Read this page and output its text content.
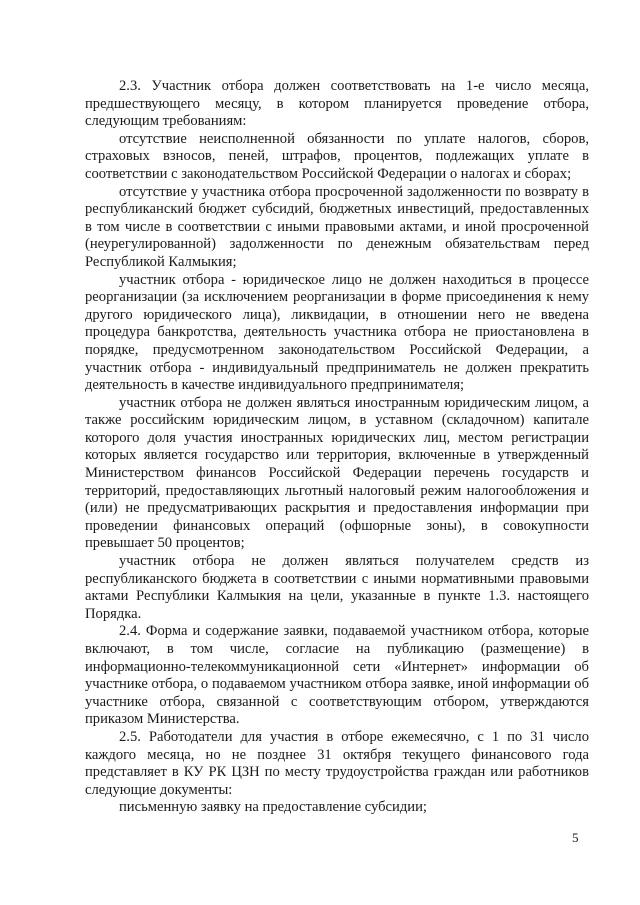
2.3. Участник отбора должен соответствовать на 1-е число месяца, предшествующего месяцу, в котором планируется проведение отбора, следующим требованиям:

отсутствие неисполненной обязанности по уплате налогов, сборов, страховых взносов, пеней, штрафов, процентов, подлежащих уплате в соответствии с законодательством Российской Федерации о налогах и сборах;

отсутствие у участника отбора просроченной задолженности по возврату в республиканский бюджет субсидий, бюджетных инвестиций, предоставленных в том числе в соответствии с иными правовыми актами, и иной просроченной (неурегулированной) задолженности по денежным обязательствам перед Республикой Калмыкия;

участник отбора - юридическое лицо не должен находиться в процессе реорганизации (за исключением реорганизации в форме присоединения к нему другого юридического лица), ликвидации, в отношении него не введена процедура банкротства, деятельность участника отбора не приостановлена в порядке, предусмотренном законодательством Российской Федерации, а участник отбора - индивидуальный предприниматель не должен прекратить деятельность в качестве индивидуального предпринимателя;

участник отбора не должен являться иностранным юридическим лицом, а также российским юридическим лицом, в уставном (складочном) капитале которого доля участия иностранных юридических лиц, местом регистрации которых является государство или территория, включенные в утвержденный Министерством финансов Российской Федерации перечень государств и территорий, предоставляющих льготный налоговый режим налогообложения и (или) не предусматривающих раскрытия и предоставления информации при проведении финансовых операций (офшорные зоны), в совокупности превышает 50 процентов;

участник отбора не должен являться получателем средств из республиканского бюджета в соответствии с иными нормативными правовыми актами Республики Калмыкия на цели, указанные в пункте 1.3. настоящего Порядка.

2.4. Форма и содержание заявки, подаваемой участником отбора, которые включают, в том числе, согласие на публикацию (размещение) в информационно-телекоммуникационной сети «Интернет» информации об участнике отбора, о подаваемом участником отбора заявке, иной информации об участнике отбора, связанной с соответствующим отбором, утверждаются приказом Министерства.

2.5. Работодатели для участия в отборе ежемесячно, с 1 по 31 число каждого месяца, но не позднее 31 октября текущего финансового года представляет в КУ РК ЦЗН по месту трудоустройства граждан или работников следующие документы:

письменную заявку на предоставление субсидии;

5
